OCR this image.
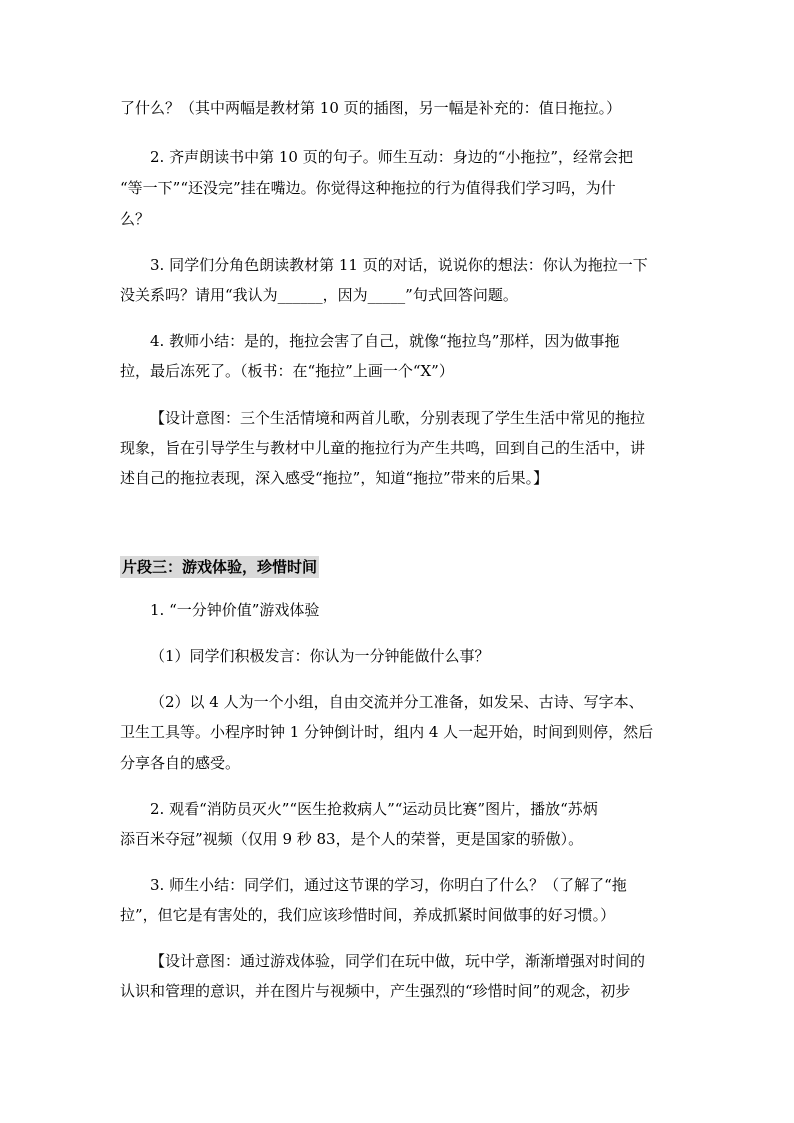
了什么？（其中两幅是教材第 10 页的插图，另一幅是补充的：值日拖拉。）
2. 齐声朗读书中第 10 页的句子。师生互动：身边的“小拖拉”，经常会把
“等一下”“还没完”挂在嘴边。你觉得这种拖拉的行为值得我们学习吗，为什
么？
3. 同学们分角色朗读教材第 11 页的对话，说说你的想法：你认为拖拉一下
没关系吗？请用“我认为______，因为_____”句式回答问题。
4. 教师小结：是的，拖拉会害了自己，就像“拖拉鸟”那样，因为做事拖
拉，最后冻死了。（板书：在“拖拉”上画一个“X”）
【设计意图：三个生活情境和两首儿歌，分别表现了学生生活中常见的拖拉
现象，旨在引导学生与教材中儿童的拖拉行为产生共鸣，回到自己的生活中，讲
述自己的拖拉表现，深入感受“拖拉”，知道“拖拉”带来的后果。】
片段三：游戏体验，珍惜时间
1. “一分钟价值”游戏体验
（1）同学们积极发言：你认为一分钟能做什么事？
（2）以 4 人为一个小组，自由交流并分工准备，如发呆、古诗、写字本、
卫生工具等。小程序时钟 1 分钟倒计时，组内 4 人一起开始，时间到则停，然后
分享各自的感受。
2. 观看“消防员灭火”“医生抢救病人”“运动员比赛”图片，播放“苏炳
添百米夺冠”视频（仅用 9 秒 83，是个人的荣誉，更是国家的骄傲）。
3. 师生小结：同学们，通过这节课的学习，你明白了什么？（了解了“拖
拉”，但它是有害处的，我们应该珍惜时间，养成抓紧时间做事的好习惯。）
【设计意图：通过游戏体验，同学们在玩中做，玩中学，渐渐增强对时间的
认识和管理的意识，并在图片与视频中，产生强烈的“珍惜时间”的观念，初步
